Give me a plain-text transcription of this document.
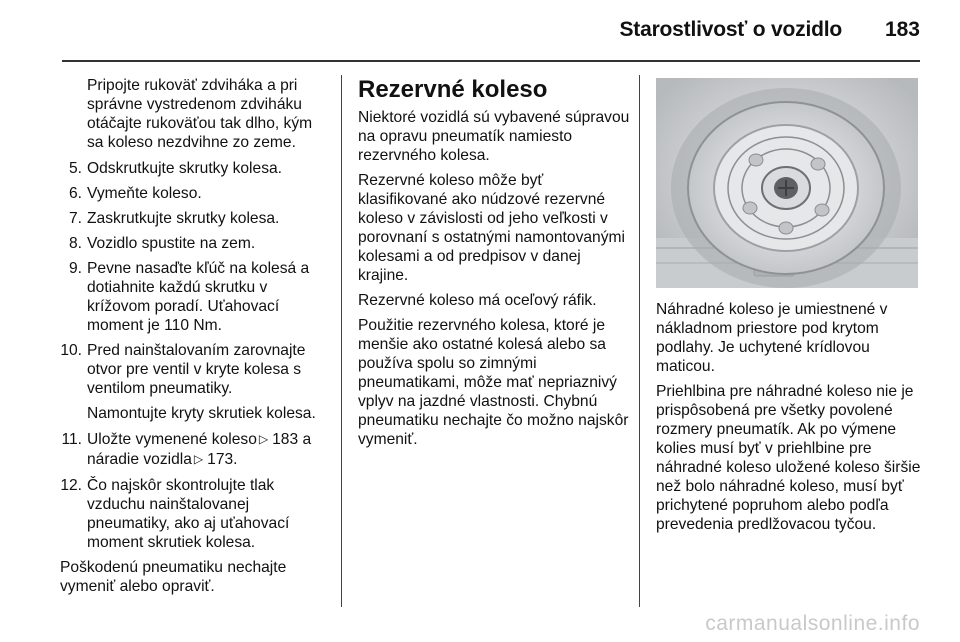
Starostlivosť o vozidlo 183
Pripojte rukoväť zdviháka a pri správne vystredenom zdviháku otáčajte rukoväťou tak dlho, kým sa koleso nezdvihne zo zeme.
5. Odskrutkujte skrutky kolesa.
6. Vymeňte koleso.
7. Zaskrutkujte skrutky kolesa.
8. Vozidlo spustite na zem.
9. Pevne nasaďte kľúč na kolesá a dotiahnite každú skrutku v krížovom poradí. Uťahovací moment je 110 Nm.
10. Pred nainštalovaním zarovnajte otvor pre ventil v kryte kolesa s ventilom pneumatiky.
Namontujte kryty skrutiek kolesa.
11. Uložte vymenené koleso ▷ 183 a náradie vozidla ▷ 173.
12. Čo najskôr skontrolujte tlak vzduchu nainštalovanej pneumatiky, ako aj uťahovací moment skrutiek kolesa.
Poškodenú pneumatiku nechajte vymeniť alebo opraviť.
Rezervné koleso
Niektoré vozidlá sú vybavené súpravou na opravu pneumatík namiesto rezervného kolesa.
Rezervné koleso môže byť klasifikované ako núdzové rezervné koleso v závislosti od jeho veľkosti v porovnaní s ostatnými namontovanými kolesami a od predpisov v danej krajine.
Rezervné koleso má oceľový ráfik.
Použitie rezervného kolesa, ktoré je menšie ako ostatné kolesá alebo sa používa spolu so zimnými pneumatikami, môže mať nepriaznivý vplyv na jazdné vlastnosti. Chybnú pneumatiku nechajte čo možno najskôr vymeniť.
Náhradné koleso je umiestnené v nákladnom priestore pod krytom podlahy. Je uchytené krídlovou maticou.
Priehlbina pre náhradné koleso nie je prispôsobená pre všetky povolené rozmery pneumatík. Ak po výmene kolies musí byť v priehlbine pre náhradné koleso uložené koleso širšie než bolo náhradné koleso, musí byť prichytené popruhom alebo podľa prevedenia predlžovacou tyčou.
carmanualsonline.info
